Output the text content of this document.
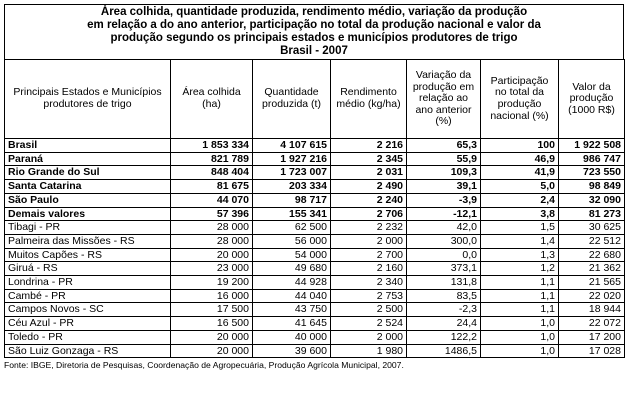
Área colhida, quantidade produzida, rendimento médio, variação da produção
em relação a do ano anterior, participação no total da produção nacional e valor da
produção segundo os principais estados e municípios produtores de trigo
Brasil - 2007
Principais Estados e Municípios produtores de trigo	Área colhida (ha)	Quantidade produzida (t)	Rendimento médio (kg/ha)	Variação da produção em relação ao ano anterior (%)	Participação no total da produção nacional (%)	Valor da produção (1000 R$)
Brasil	1 853 334	4 107 615	2 216	65,3	100	1 922 508
Paraná	821 789	1 927 216	2 345	55,9	46,9	986 747
Rio Grande do Sul	848 404	1 723 007	2 031	109,3	41,9	723 550
Santa Catarina	81 675	203 334	2 490	39,1	5,0	98 849
São Paulo	44 070	98 717	2 240	-3,9	2,4	32 090
Demais valores	57 396	155 341	2 706	-12,1	3,8	81 273
Tibagi - PR	28 000	62 500	2 232	42,0	1,5	30 625
Palmeira das Missões - RS	28 000	56 000	2 000	300,0	1,4	22 512
Muitos Capões - RS	20 000	54 000	2 700	0,0	1,3	22 680
Giruá - RS	23 000	49 680	2 160	373,1	1,2	21 362
Londrina - PR	19 200	44 928	2 340	131,8	1,1	21 565
Cambé - PR	16 000	44 040	2 753	83,5	1,1	22 020
Campos Novos - SC	17 500	43 750	2 500	-2,3	1,1	18 944
Céu Azul - PR	16 500	41 645	2 524	24,4	1,0	22 072
Toledo - PR	20 000	40 000	2 000	122,2	1,0	17 200
São Luiz Gonzaga - RS	20 000	39 600	1 980	1486,5	1,0	17 028
Fonte: IBGE, Diretoria de Pesquisas, Coordenação de Agropecuária, Produção Agrícola Municipal, 2007.
